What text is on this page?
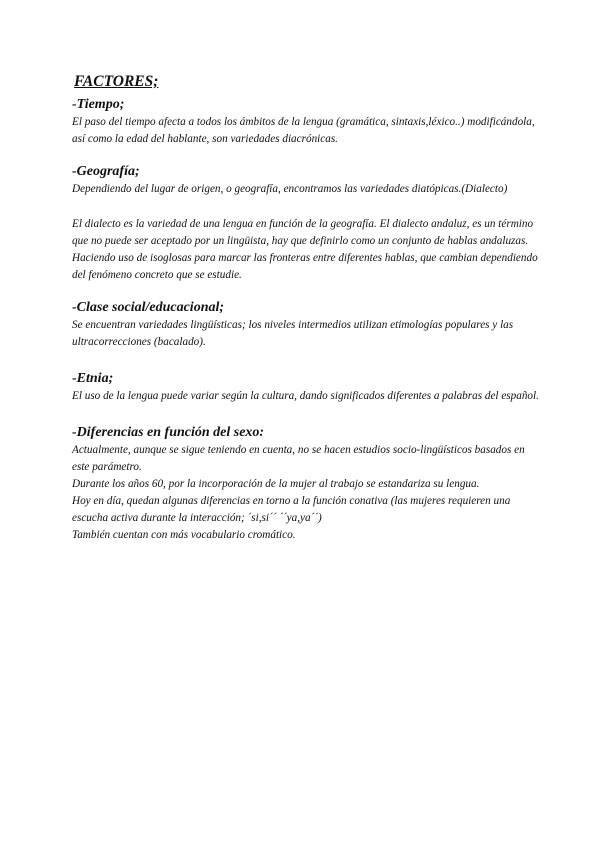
FACTORES;
-Tiempo;

El paso del tiempo afecta a todos los ámbitos de la lengua (gramática, sintaxis,léxico..) modificándola, así como la edad del hablante, son variedades diacrónicas.

-Geografía;

Dependiendo del lugar de origen, o geografía, encontramos las variedades diatópicas.(Dialecto)

El dialecto es la variedad de una lengua en función de la geografía. El dialecto andaluz, es un término que no puede ser aceptado por un lingüista, hay que definirlo como un conjunto de hablas andaluzas. Haciendo uso de isoglosas para marcar las fronteras entre diferentes hablas, que cambian dependiendo del fenómeno concreto que se estudie.

-Clase social/educacional;

Se encuentran variedades lingüísticas; los niveles intermedios utilizan etimologías populares y las ultracorrecciones (bacalado).

-Etnia;

El uso de la lengua puede variar según la cultura, dando significados diferentes a palabras del español.

-Diferencias en función del sexo:

Actualmente, aunque se sigue teniendo en cuenta, no se hacen estudios socio-lingüísticos basados en este parámetro.

Durante los años 60, por la incorporación de la mujer al trabajo se estandariza su lengua.

Hoy en día, quedan algunas diferencias en torno a la función conativa (las mujeres requieren una escucha activa durante la interacción; ´si,si´´ ´´ya,ya´´)

También cuentan con más vocabulario cromático.
